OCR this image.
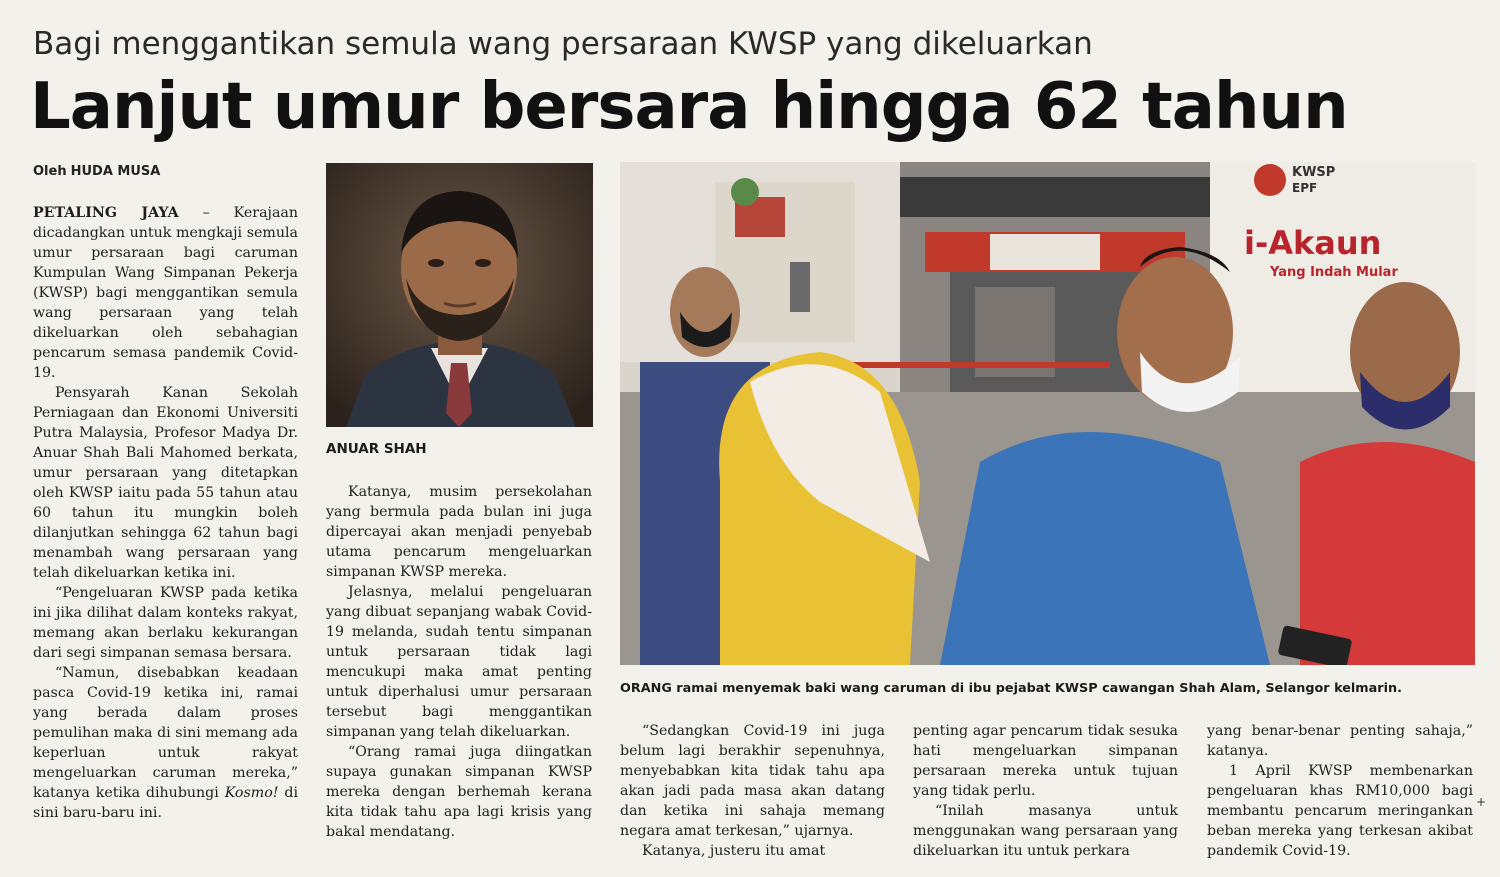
Bagi menggantikan semula wang persaraan KWSP yang dikeluarkan
Lanjut umur bersara hingga 62 tahun
Oleh HUDA MUSA

PETALING JAYA – Kerajaan dicadangkan untuk mengkaji semula umur persaraan bagi caruman Kumpulan Wang Simpanan Pekerja (KWSP) bagi menggantikan semula wang persaraan yang telah dikeluarkan oleh sebahagian pencarum semasa pandemik Covid-19.

Pensyarah Kanan Sekolah Perniagaan dan Ekonomi Universiti Putra Malaysia, Profesor Madya Dr. Anuar Shah Bali Mahomed berkata, umur persaraan yang ditetapkan oleh KWSP iaitu pada 55 tahun atau 60 tahun itu mungkin boleh dilanjutkan sehingga 62 tahun bagi menambah wang persaraan yang telah dikeluarkan ketika ini.

“Pengeluaran KWSP pada ketika ini jika dilihat dalam konteks rakyat, memang akan berlaku kekurangan dari segi simpanan semasa bersara.

“Namun, disebabkan keadaan pasca Covid-19 ketika ini, ramai yang berada dalam proses pemulihan maka di sini memang ada keperluan untuk rakyat mengeluarkan caruman mereka,” katanya ketika dihubungi Kosmo! di sini baru-baru ini.

ANUAR SHAH

Katanya, musim persekolahan yang bermula pada bulan ini juga dipercayai akan menjadi penyebab utama pencarum mengeluarkan simpanan KWSP mereka.

Jelasnya, melalui pengeluaran yang dibuat sepanjang wabak Covid-19 melanda, sudah tentu simpanan untuk persaraan tidak lagi mencukupi maka amat penting untuk diperhalusi umur persaraan tersebut bagi menggantikan simpanan yang telah dikeluarkan.

“Orang ramai juga diingatkan supaya gunakan simpanan KWSP mereka dengan berhemah kerana kita tidak tahu apa lagi krisis yang bakal mendatang.

KWSP
EPF
i-Akaun
Yang Indah Mular
ORANG ramai menyemak baki wang caruman di ibu pejabat KWSP cawangan Shah Alam, Selangor kelmarin.

“Sedangkan Covid-19 ini juga belum lagi berakhir sepenuhnya, menyebabkan kita tidak tahu apa akan jadi pada masa akan datang dan ketika ini sahaja memang negara amat terkesan,” ujarnya.

Katanya, justeru itu amat

penting agar pencarum tidak sesuka hati mengeluarkan simpanan persaraan mereka untuk tujuan yang tidak perlu.

“Inilah masanya untuk menggunakan wang persaraan yang dikeluarkan itu untuk perkara

yang benar-benar penting sahaja,” katanya.

1 April KWSP membenarkan pengeluaran khas RM10,000 bagi membantu pencarum meringankan beban mereka yang terkesan akibat pandemik Covid-19.

+
